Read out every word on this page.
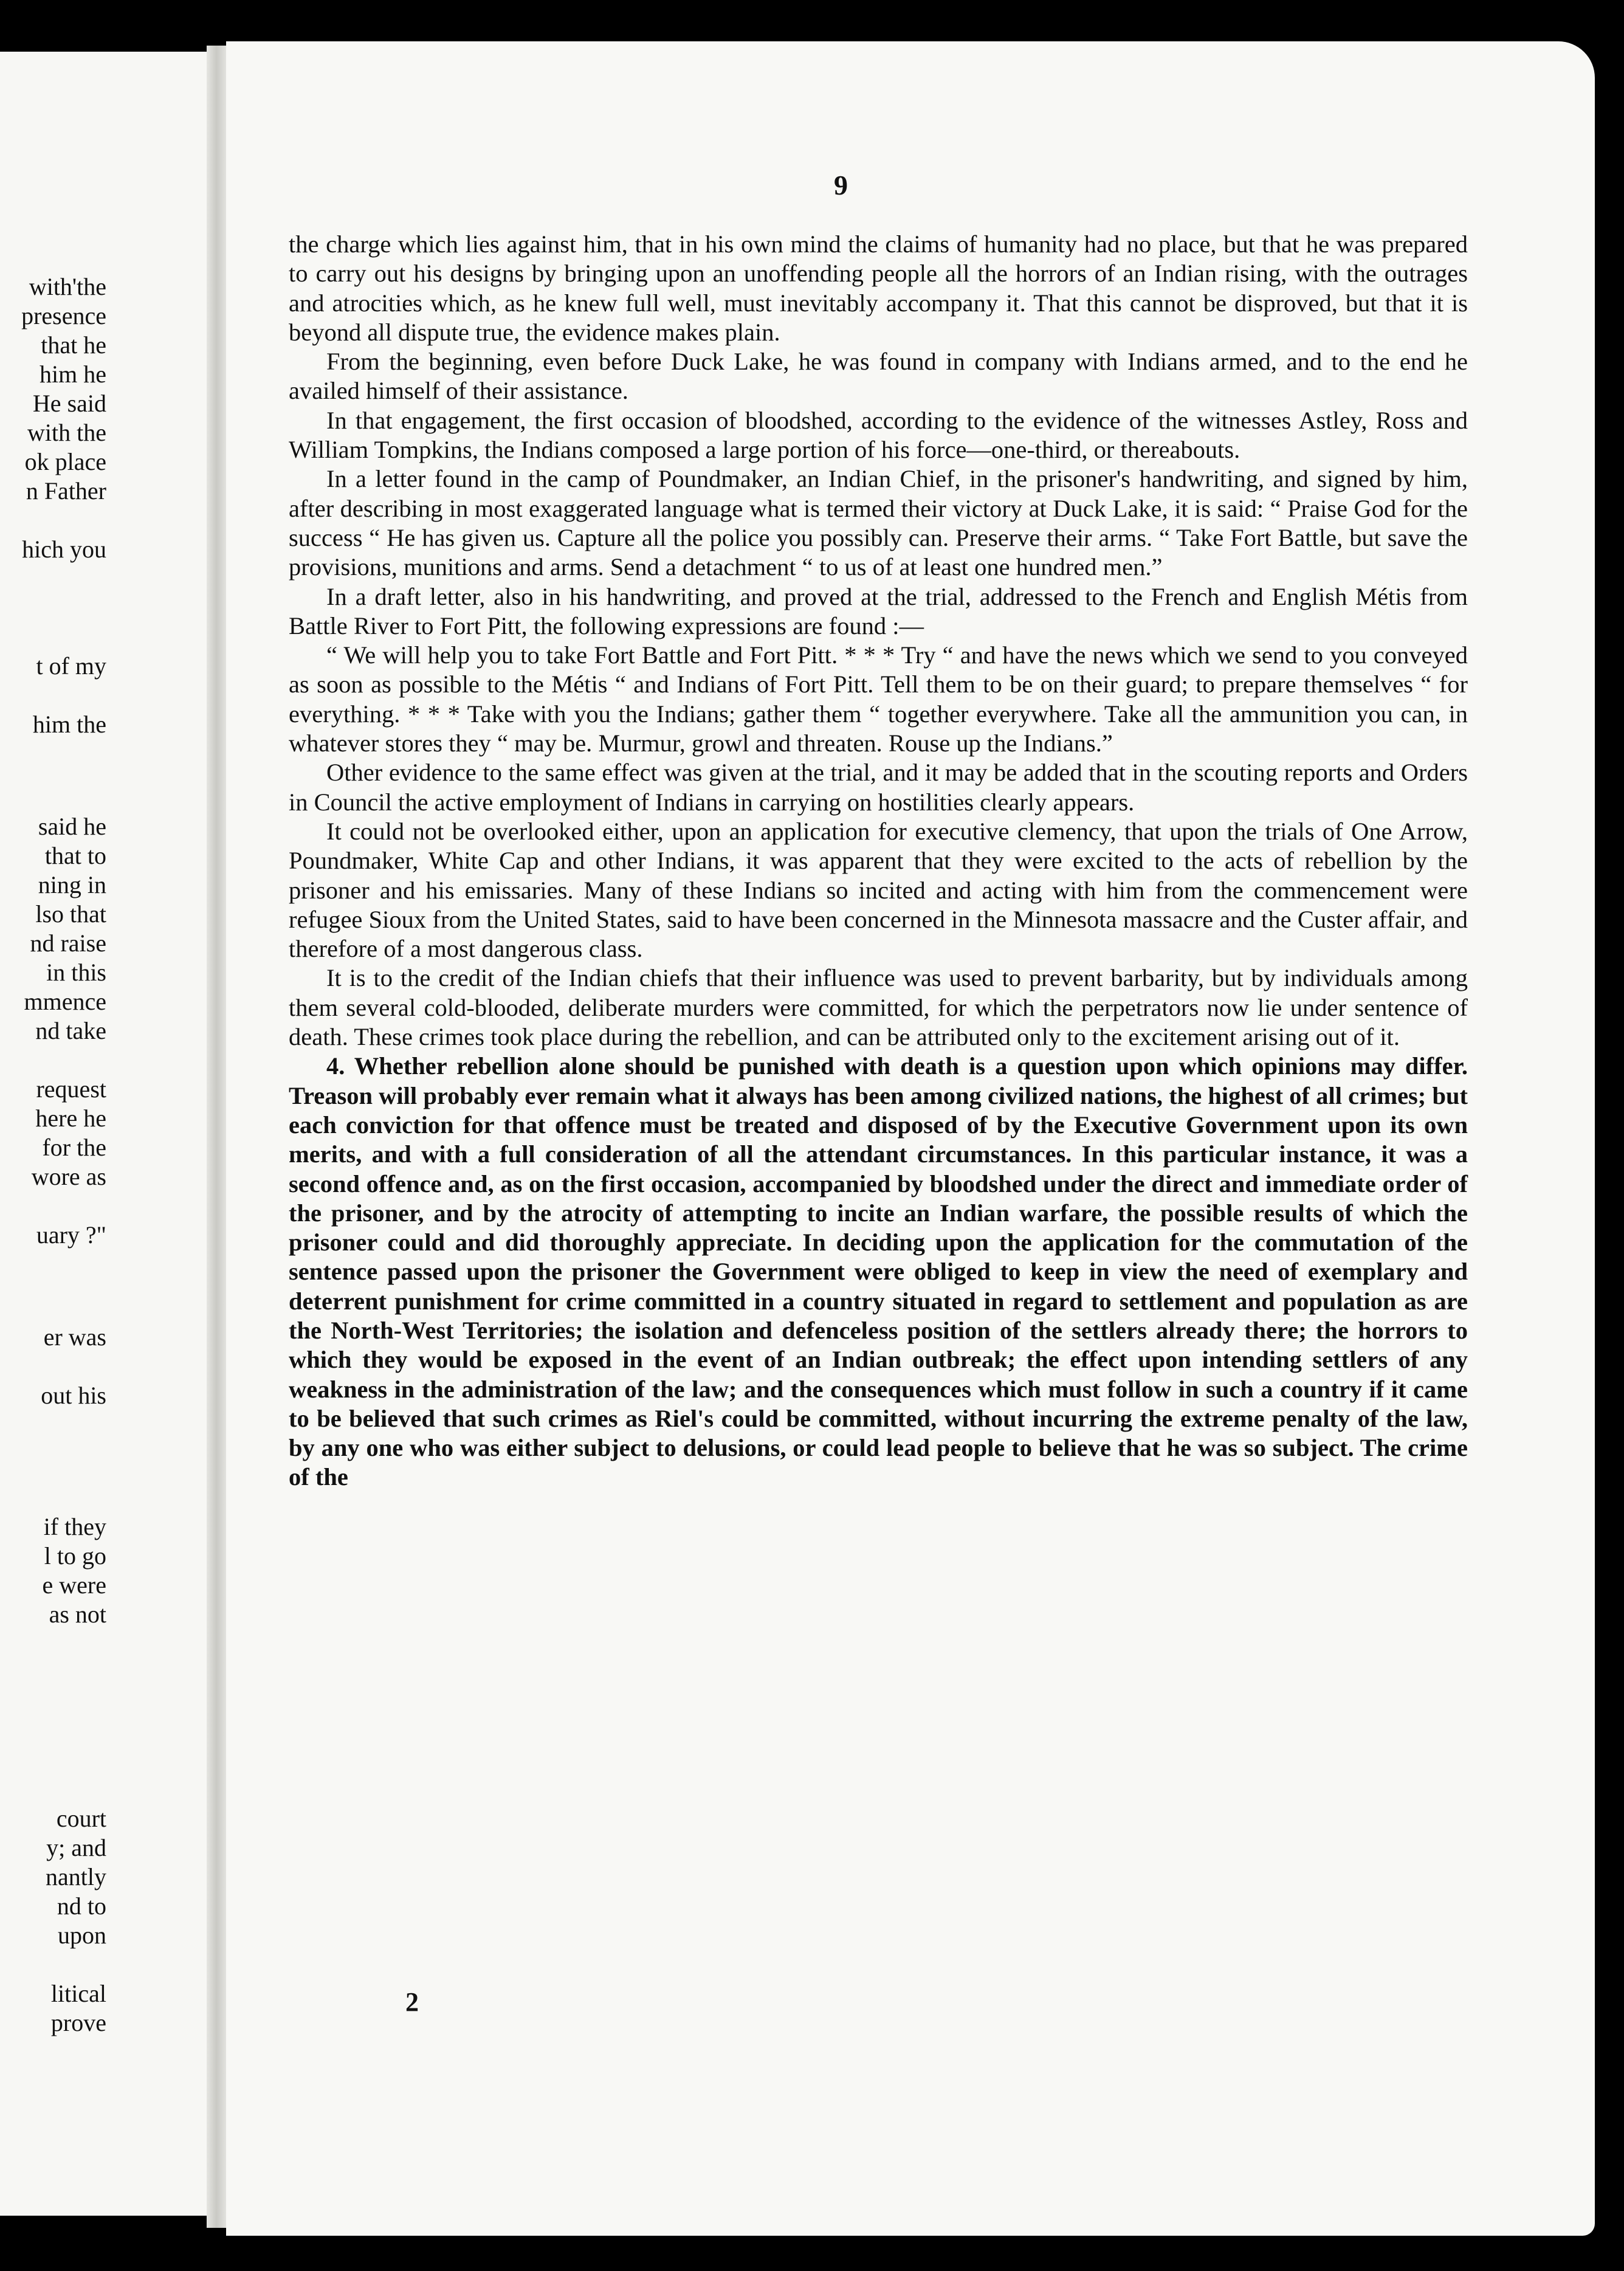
with'the
presence
that he
him he
He said
with the
ok place
n Father
hich you
t of my
him the
said he
that to
ning in
lso that
nd raise
in this
mmence
nd take
request
here he
for the
wore as
uary ?"
er was
out his
if they
l to go
e were
as not
court
y; and
nantly
nd to
upon
litical
prove
9

the charge which lies against him, that in his own mind the claims of humanity had no place, but that he was prepared to carry out his designs by bringing upon an unoffending people all the horrors of an Indian rising, with the outrages and atrocities which, as he knew full well, must inevitably accompany it. That this cannot be disproved, but that it is beyond all dispute true, the evidence makes plain.

From the beginning, even before Duck Lake, he was found in company with Indians armed, and to the end he availed himself of their assistance.

In that engagement, the first occasion of bloodshed, according to the evidence of the witnesses Astley, Ross and William Tompkins, the Indians composed a large portion of his force—one-third, or thereabouts.

In a letter found in the camp of Poundmaker, an Indian Chief, in the prisoner's handwriting, and signed by him, after describing in most exaggerated language what is termed their victory at Duck Lake, it is said: “ Praise God for the success “ He has given us. Capture all the police you possibly can. Preserve their arms. “ Take Fort Battle, but save the provisions, munitions and arms. Send a detachment “ to us of at least one hundred men.”

In a draft letter, also in his handwriting, and proved at the trial, addressed to the French and English Métis from Battle River to Fort Pitt, the following expressions are found :—

“ We will help you to take Fort Battle and Fort Pitt. * * * Try “ and have the news which we send to you conveyed as soon as possible to the Métis “ and Indians of Fort Pitt. Tell them to be on their guard; to prepare themselves “ for everything. * * * Take with you the Indians; gather them “ together everywhere. Take all the ammunition you can, in whatever stores they “ may be. Murmur, growl and threaten. Rouse up the Indians.”

Other evidence to the same effect was given at the trial, and it may be added that in the scouting reports and Orders in Council the active employment of Indians in carrying on hostilities clearly appears.

It could not be overlooked either, upon an application for executive clemency, that upon the trials of One Arrow, Poundmaker, White Cap and other Indians, it was apparent that they were excited to the acts of rebellion by the prisoner and his emissaries. Many of these Indians so incited and acting with him from the commencement were refugee Sioux from the United States, said to have been concerned in the Minnesota massacre and the Custer affair, and therefore of a most dangerous class.

It is to the credit of the Indian chiefs that their influence was used to prevent barbarity, but by individuals among them several cold-blooded, deliberate murders were committed, for which the perpetrators now lie under sentence of death. These crimes took place during the rebellion, and can be attributed only to the excitement arising out of it.

4. Whether rebellion alone should be punished with death is a question upon which opinions may differ. Treason will probably ever remain what it always has been among civilized nations, the highest of all crimes; but each conviction for that offence must be treated and disposed of by the Executive Government upon its own merits, and with a full consideration of all the attendant circumstances. In this particular instance, it was a second offence and, as on the first occasion, accompanied by bloodshed under the direct and immediate order of the prisoner, and by the atrocity of attempting to incite an Indian warfare, the possible results of which the prisoner could and did thoroughly appreciate. In deciding upon the application for the commutation of the sentence passed upon the prisoner the Government were obliged to keep in view the need of exemplary and deterrent punishment for crime committed in a country situated in regard to settlement and population as are the North-West Territories; the isolation and defenceless position of the settlers already there; the horrors to which they would be exposed in the event of an Indian outbreak; the effect upon intending settlers of any weakness in the administration of the law; and the consequences which must follow in such a country if it came to be believed that such crimes as Riel's could be committed, without incurring the extreme penalty of the law, by any one who was either subject to delusions, or could lead people to believe that he was so subject. The crime of the

2
